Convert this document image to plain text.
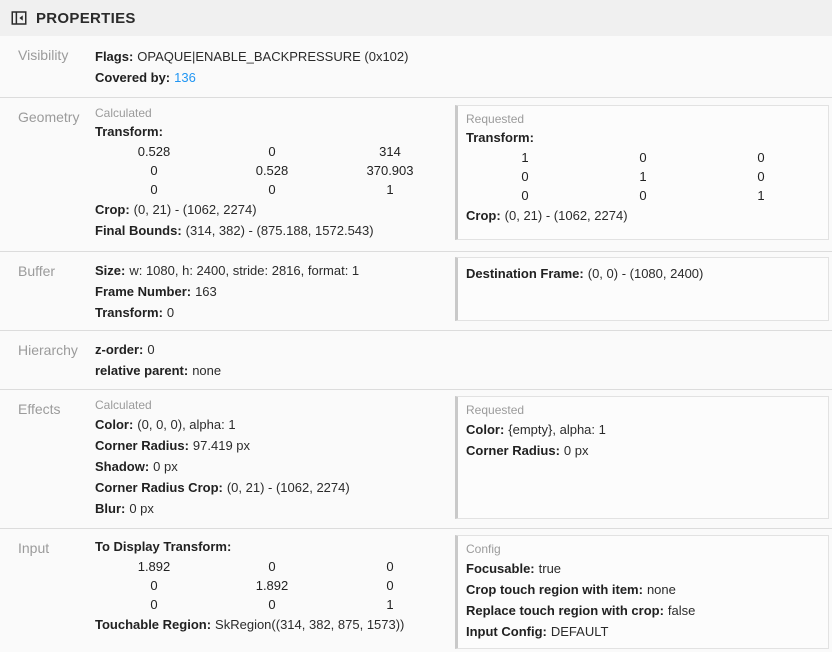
PROPERTIES
Visibility	Flags: OPAQUE|ENABLE_BACKPRESSURE (0x102)
Covered by: 136
Geometry	Calculated
Transform:
0.528	0	314
0	0.528	370.903
0	0	1
Crop: (0, 21) - (1062, 2274)
Final Bounds: (314, 382) - (875.188, 1572.543)
Requested
Transform:
1	0	0
0	1	0
0	0	1
Crop: (0, 21) - (1062, 2274)
Buffer	Size: w: 1080, h: 2400, stride: 2816, format: 1
Frame Number: 163
Transform: 0
Destination Frame: (0, 0) - (1080, 2400)
Hierarchy	z-order: 0
relative parent: none
Effects	Calculated
Color: (0, 0, 0), alpha: 1
Corner Radius: 97.419 px
Shadow: 0 px
Corner Radius Crop: (0, 21) - (1062, 2274)
Blur: 0 px
Requested
Color: {empty}, alpha: 1
Corner Radius: 0 px
Input	To Display Transform:
1.892	0	0
0	1.892	0
0	0	1
Touchable Region: SkRegion((314, 382, 875, 1573))
Config
Focusable: true
Crop touch region with item: none
Replace touch region with crop: false
Input Config: DEFAULT
